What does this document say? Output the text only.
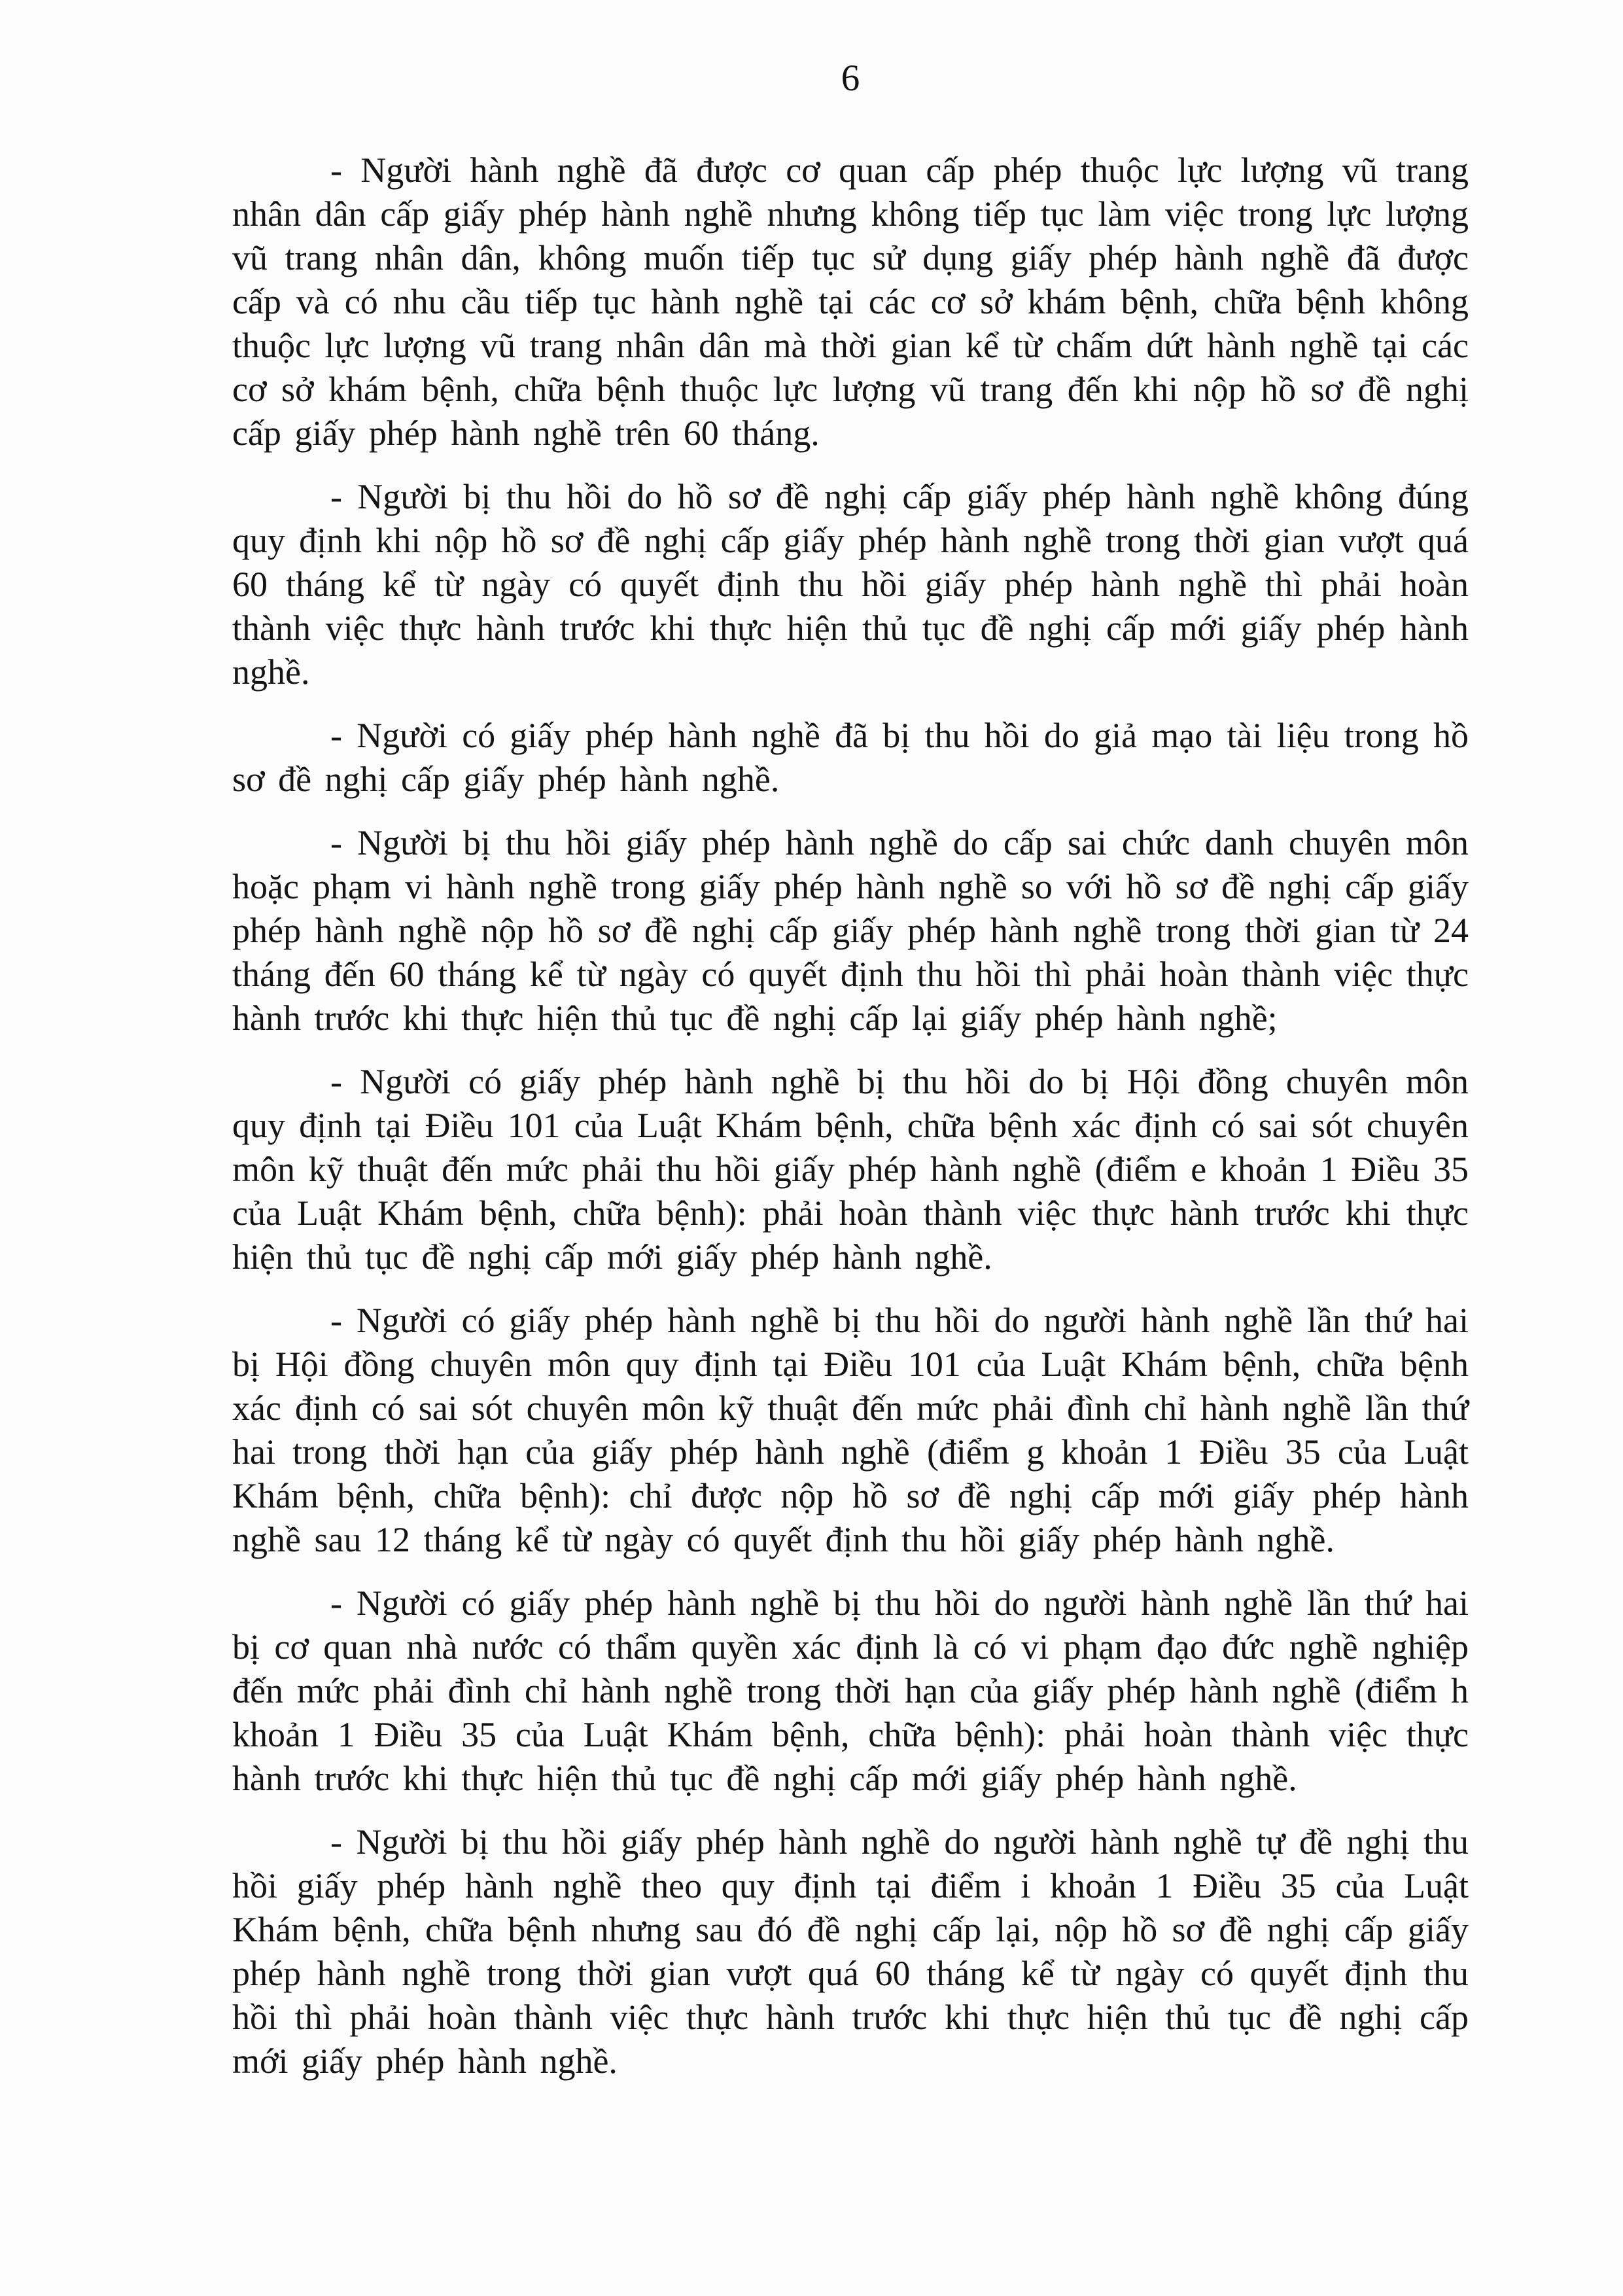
6

- Người hành nghề đã được cơ quan cấp phép thuộc lực lượng vũ trang nhân dân cấp giấy phép hành nghề nhưng không tiếp tục làm việc trong lực lượng vũ trang nhân dân, không muốn tiếp tục sử dụng giấy phép hành nghề đã được cấp và có nhu cầu tiếp tục hành nghề tại các cơ sở khám bệnh, chữa bệnh không thuộc lực lượng vũ trang nhân dân mà thời gian kể từ chấm dứt hành nghề tại các cơ sở khám bệnh, chữa bệnh thuộc lực lượng vũ trang đến khi nộp hồ sơ đề nghị cấp giấy phép hành nghề trên 60 tháng.

- Người bị thu hồi do hồ sơ đề nghị cấp giấy phép hành nghề không đúng quy định khi nộp hồ sơ đề nghị cấp giấy phép hành nghề trong thời gian vượt quá 60 tháng kể từ ngày có quyết định thu hồi giấy phép hành nghề thì phải hoàn thành việc thực hành trước khi thực hiện thủ tục đề nghị cấp mới giấy phép hành nghề.

- Người có giấy phép hành nghề đã bị thu hồi do giả mạo tài liệu trong hồ sơ đề nghị cấp giấy phép hành nghề.

- Người bị thu hồi giấy phép hành nghề do cấp sai chức danh chuyên môn hoặc phạm vi hành nghề trong giấy phép hành nghề so với hồ sơ đề nghị cấp giấy phép hành nghề nộp hồ sơ đề nghị cấp giấy phép hành nghề trong thời gian từ 24 tháng đến 60 tháng kể từ ngày có quyết định thu hồi thì phải hoàn thành việc thực hành trước khi thực hiện thủ tục đề nghị cấp lại giấy phép hành nghề;

- Người có giấy phép hành nghề bị thu hồi do bị Hội đồng chuyên môn quy định tại Điều 101 của Luật Khám bệnh, chữa bệnh xác định có sai sót chuyên môn kỹ thuật đến mức phải thu hồi giấy phép hành nghề (điểm e khoản 1 Điều 35 của Luật Khám bệnh, chữa bệnh): phải hoàn thành việc thực hành trước khi thực hiện thủ tục đề nghị cấp mới giấy phép hành nghề.

- Người có giấy phép hành nghề bị thu hồi do người hành nghề lần thứ hai bị Hội đồng chuyên môn quy định tại Điều 101 của Luật Khám bệnh, chữa bệnh xác định có sai sót chuyên môn kỹ thuật đến mức phải đình chỉ hành nghề lần thứ hai trong thời hạn của giấy phép hành nghề (điểm g khoản 1 Điều 35 của Luật Khám bệnh, chữa bệnh): chỉ được nộp hồ sơ đề nghị cấp mới giấy phép hành nghề sau 12 tháng kể từ ngày có quyết định thu hồi giấy phép hành nghề.

- Người có giấy phép hành nghề bị thu hồi do người hành nghề lần thứ hai bị cơ quan nhà nước có thẩm quyền xác định là có vi phạm đạo đức nghề nghiệp đến mức phải đình chỉ hành nghề trong thời hạn của giấy phép hành nghề (điểm h khoản 1 Điều 35 của Luật Khám bệnh, chữa bệnh): phải hoàn thành việc thực hành trước khi thực hiện thủ tục đề nghị cấp mới giấy phép hành nghề.

- Người bị thu hồi giấy phép hành nghề do người hành nghề tự đề nghị thu hồi giấy phép hành nghề theo quy định tại điểm i khoản 1 Điều 35 của Luật Khám bệnh, chữa bệnh nhưng sau đó đề nghị cấp lại, nộp hồ sơ đề nghị cấp giấy phép hành nghề trong thời gian vượt quá 60 tháng kể từ ngày có quyết định thu hồi thì phải hoàn thành việc thực hành trước khi thực hiện thủ tục đề nghị cấp mới giấy phép hành nghề.
